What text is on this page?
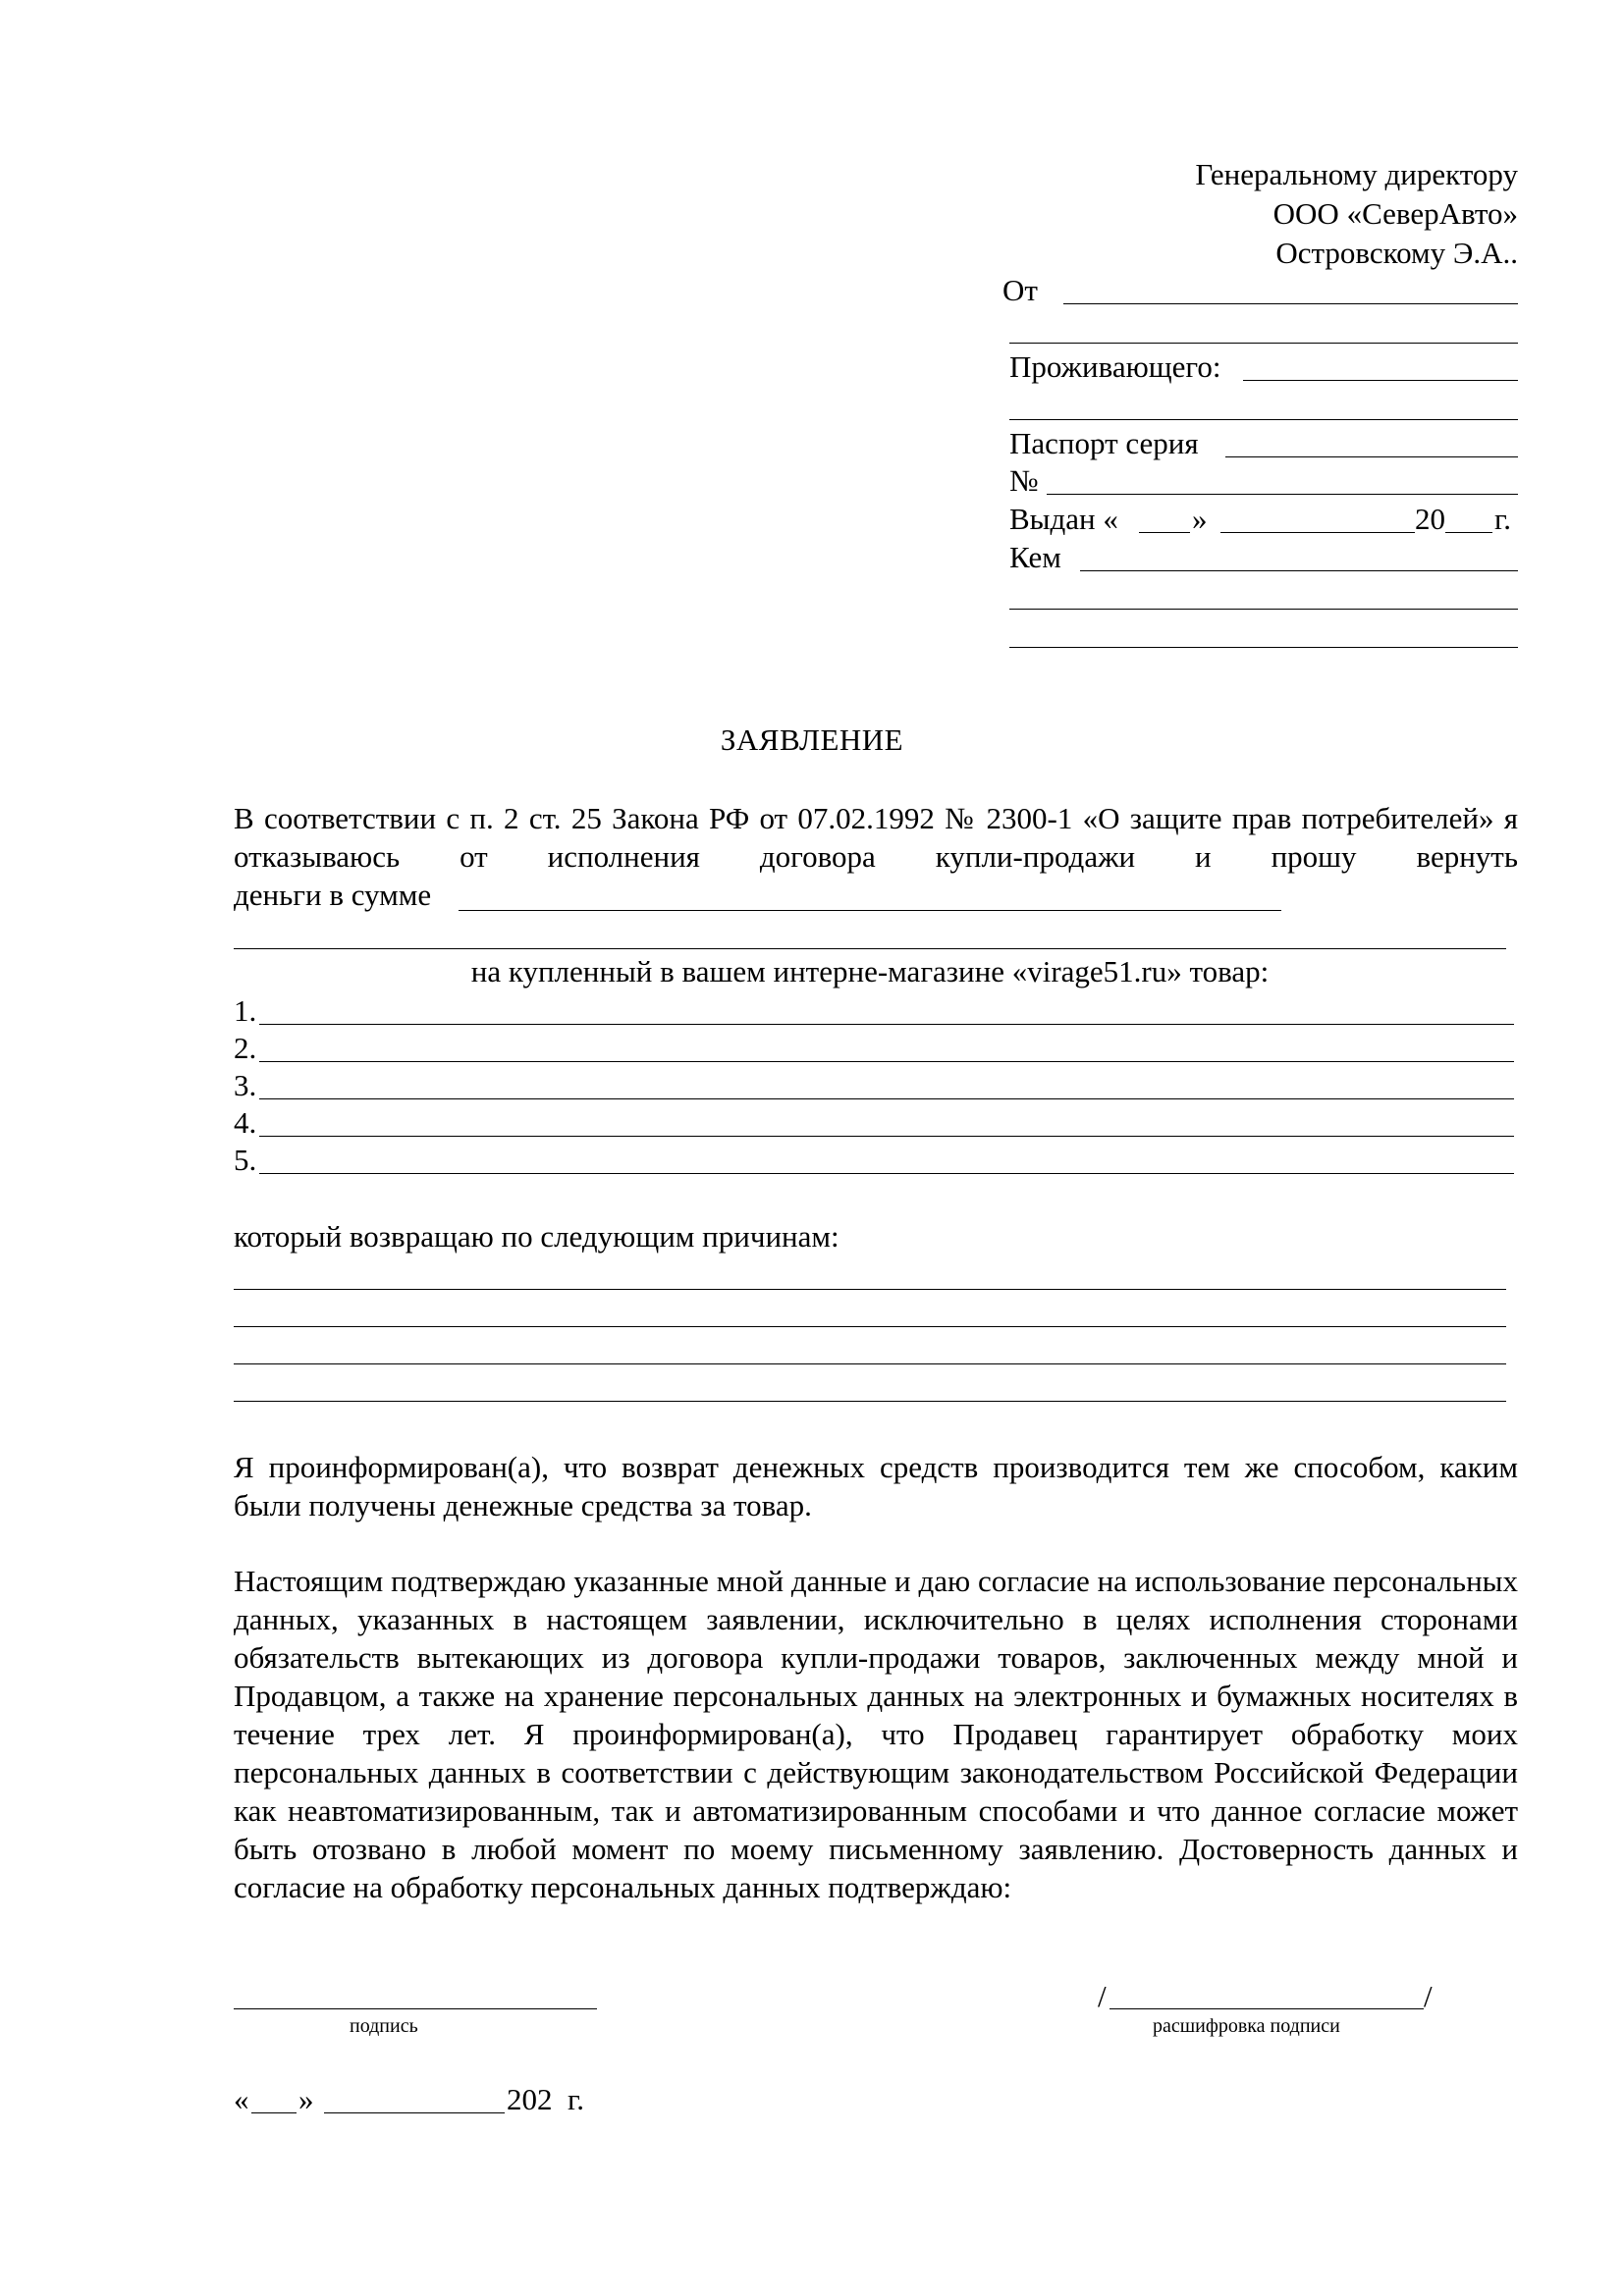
Генеральному директору
ООО «СеверАвто»
Островскому Э.А..
От
Проживающего:
Паспорт серия
№
Выдан « »	20 г.
Кем
ЗАЯВЛЕНИЕ
В соответствии с п. 2 ст. 25 Закона РФ от 07.02.1992 № 2300-1 «О защите прав потребителей» я отказываюсь от исполнения договора купли-продажи и прошу вернуть
деньги в сумме
на купленный в вашем интерне-магазине «virage51.ru» товар:
1.
2.
3.
4.
5.
который возвращаю по следующим причинам:
Я проинформирован(а), что возврат денежных средств производится тем же способом, каким были получены денежные средства за товар.
Настоящим подтверждаю указанные мной данные и даю согласие на использование персональных данных, указанных в настоящем заявлении, исключительно в целях исполнения сторонами обязательств вытекающих из договора купли-продажи товаров, заключенных между мной и Продавцом, а также на хранение персональных данных на электронных и бумажных носителях в течение трех лет. Я проинформирован(а), что Продавец гарантирует обработку моих персональных данных в соответствии с действующим законодательством Российской Федерации как неавтоматизированным, так и автоматизированным способами и что данное согласие может быть отозвано в любой момент по моему письменному заявлению. Достоверность данных и согласие на обработку персональных данных подтверждаю:
подпись
/	/
расшифровка подписи
« »	202  г.
